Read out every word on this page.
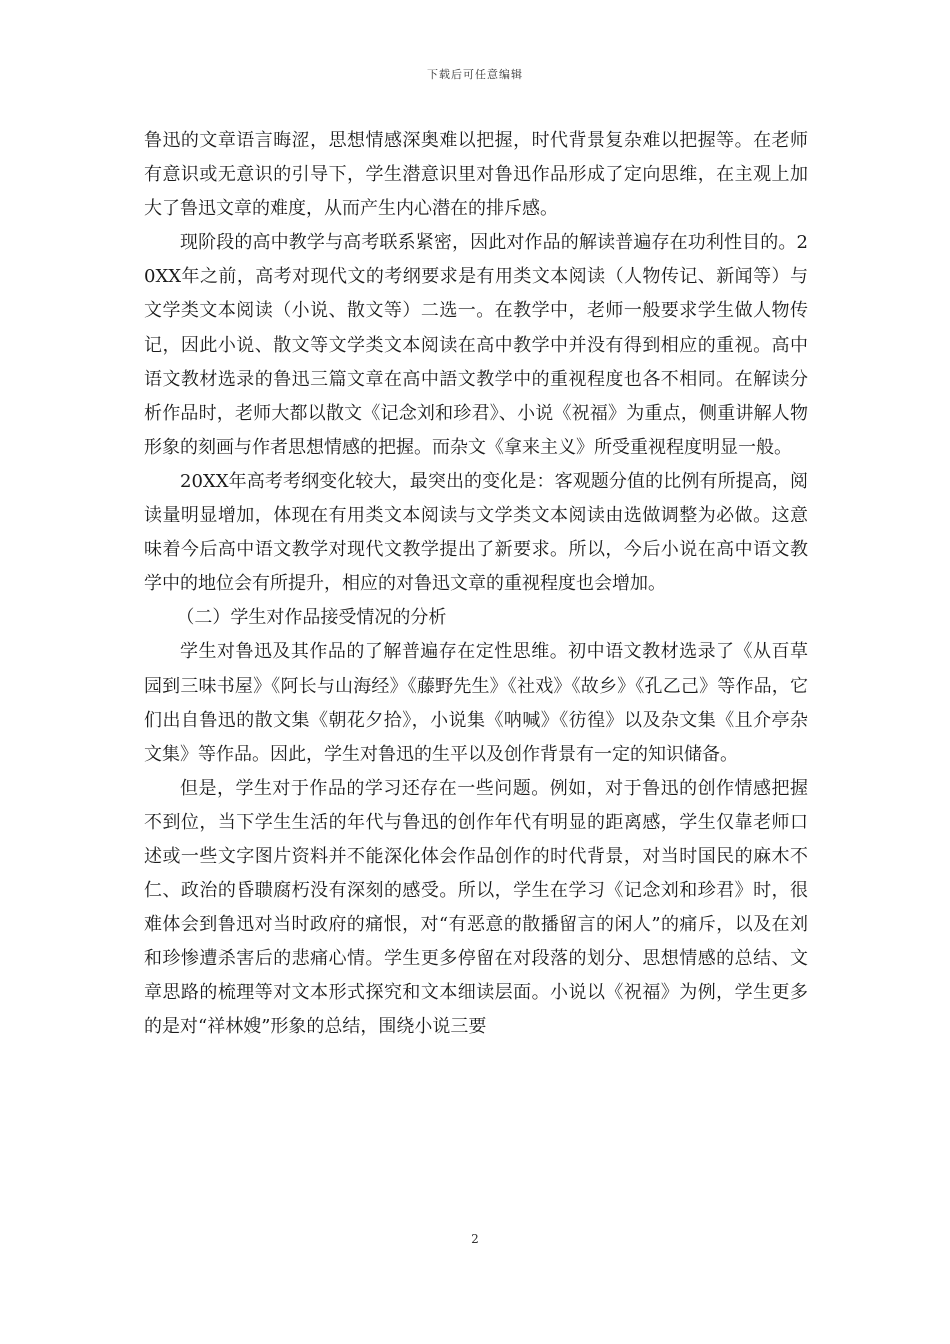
下载后可任意编辑

鲁迅的文章语言晦涩，思想情感深奥难以把握，时代背景复杂难以把握等。在老师有意识或无意识的引导下，学生潜意识里对鲁迅作品形成了定向思维，在主观上加大了鲁迅文章的难度，从而产生内心潜在的排斥感。

现阶段的高中教学与高考联系紧密，因此对作品的解读普遍存在功利性目的。20XX年之前，高考对现代文的考纲要求是有用类文本阅读（人物传记、新闻等）与文学类文本阅读（小说、散文等）二选一。在教学中，老师一般要求学生做人物传记，因此小说、散文等文学类文本阅读在高中教学中并没有得到相应的重视。高中语文教材选录的鲁迅三篇文章在高中語文教学中的重视程度也各不相同。在解读分析作品时，老师大都以散文《记念刘和珍君》、小说《祝福》为重点，侧重讲解人物形象的刻画与作者思想情感的把握。而杂文《拿来主义》所受重视程度明显一般。

20XX年高考考纲变化较大，最突出的变化是：客观题分值的比例有所提高，阅读量明显增加，体现在有用类文本阅读与文学类文本阅读由选做调整为必做。这意味着今后高中语文教学对现代文教学提出了新要求。所以，今后小说在高中语文教学中的地位会有所提升，相应的对鲁迅文章的重视程度也会增加。

（二）学生对作品接受情况的分析

学生对鲁迅及其作品的了解普遍存在定性思维。初中语文教材选录了《从百草园到三味书屋》《阿长与山海经》《藤野先生》《社戏》《故乡》《孔乙己》等作品，它们出自鲁迅的散文集《朝花夕拾》，小说集《呐喊》《彷徨》以及杂文集《且介亭杂文集》等作品。因此，学生对鲁迅的生平以及创作背景有一定的知识储备。

但是，学生对于作品的学习还存在一些问题。例如，对于鲁迅的创作情感把握不到位，当下学生生活的年代与鲁迅的创作年代有明显的距离感，学生仅靠老师口述或一些文字图片资料并不能深化体会作品创作的时代背景，对当时国民的麻木不仁、政治的昏聩腐朽没有深刻的感受。所以，学生在学习《记念刘和珍君》时，很难体会到鲁迅对当时政府的痛恨，对“有恶意的散播留言的闲人”的痛斥，以及在刘和珍惨遭杀害后的悲痛心情。学生更多停留在对段落的划分、思想情感的总结、文章思路的梳理等对文本形式探究和文本细读层面。小说以《祝福》为例，学生更多的是对“祥林嫂”形象的总结，围绕小说三要

2
